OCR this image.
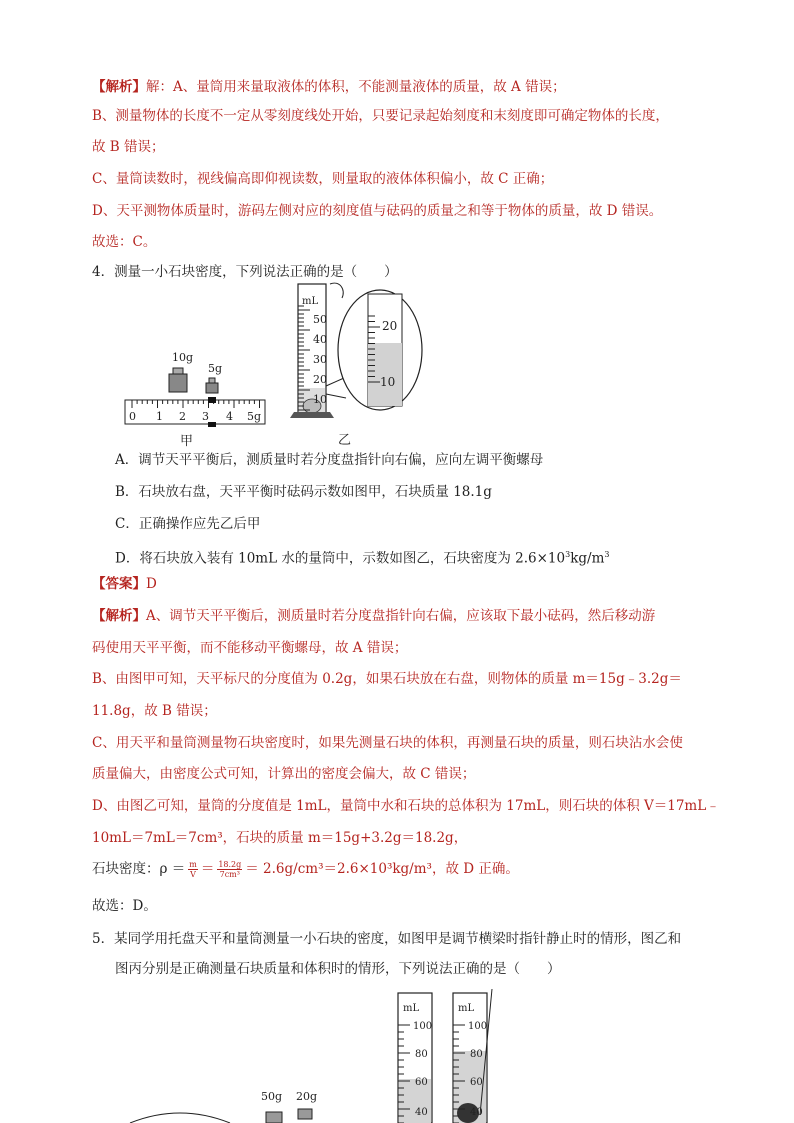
【解析】解：A、量筒用来量取液体的体积，不能测量液体的质量，故 A 错误；
B、测量物体的长度不一定从零刻度线处开始，只要记录起始刻度和末刻度即可确定物体的长度，
故 B 错误；
C、量筒读数时，视线偏高即仰视读数，则量取的液体体积偏小，故 C 正确；
D、天平测物体质量时，游码左侧对应的刻度值与砝码的质量之和等于物体的质量，故 D 错误。
故选：C。
4．测量一小石块密度，下列说法正确的是（　　）
10g
5g
0 1 2 3 4 5g
甲
mL
50
40
30
20
10
20
10
乙
A．调节天平平衡后，测质量时若分度盘指针向右偏，应向左调平衡螺母
B．石块放右盘，天平平衡时砝码示数如图甲，石块质量 18.1g
C．正确操作应先乙后甲
D．将石块放入装有 10mL 水的量筒中，示数如图乙，石块密度为 $2.6\times 10^3kg/m^3$
【答案】D
【解析】A、调节天平平衡后，测质量时若分度盘指针向右偏，应该取下最小砝码，然后移动游
码使用天平平衡，而不能移动平衡螺母，故 A 错误；
B、由图甲可知，天平标尺的分度值为 0.2g，如果石块放在右盘，则物体的质量 m＝15g﹣3.2g＝
11.8g，故 B 错误；
C、用天平和量筒测量物石块密度时，如果先测量石块的体积，再测量石块的质量，则石块沾水会使
质量偏大，由密度公式可知，计算出的密度会偏大，故 C 错误；
D、由图乙可知，量筒的分度值是 1mL，量筒中水和石块的总体积为 17mL，则石块的体积 V＝17mL﹣
10mL＝7mL＝7cm³，石块的质量 m＝15g+3.2g＝18.2g，
石块密度：$\rho = \frac{m}{V} = \frac{18.2g}{\text{7cm³}} = 2.6g/cm^3=2.6\times 10^3kg/m^3$，故 D 正确。
故选：D。
5．某同学用托盘天平和量筒测量一小石块的密度，如图甲是调节横梁时指针静止时的情形，图乙和
图丙分别是正确测量石块质量和体积时的情形，下列说法正确的是（　　）
50g 20g
mL
100
80
60
40
mL
100
80
60
40
